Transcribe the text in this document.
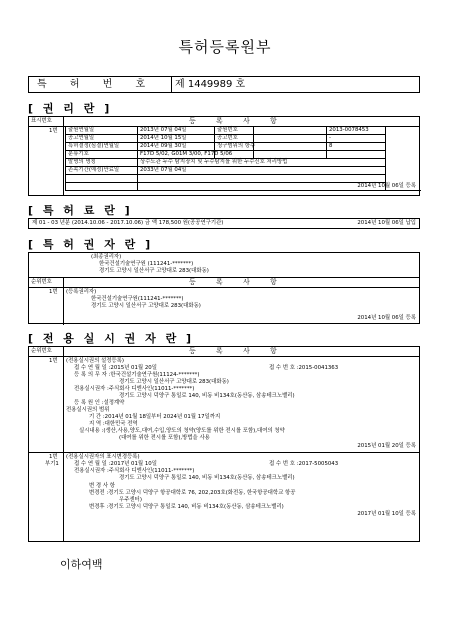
특허등록원부
특 허 번 호	제 1449989 호
[ 권 리 란 ]
표시번호	등 록 사 항
1번 출원연월일	2013년 07월 04일	출원번호	2013-0078453
공고연월일	2014년 10월 15일	공고번호	-
특허결정(심결)연월일	2014년 09월 30일	청구범위의 항수	8
분류기호	F17D 5/02, G01M 3/00, F17D 5/06
발명의 명칭	상수도관 누수 탐지장치 및 누수탐지를 위한 누수신호 처리방법
존속기간(예정)만료일	2033년 07월 04일
2014년 10월 06일 등록
[ 특 허 료 란 ]
제 01 - 03 년분 (2014.10.06 - 2017.10.06) 금 액 178,500 원(공공연구기관)	2014년 10월 06일 납입
[ 특 허 권 자 란 ]
(최종권리자)
한국건설기술연구원 (111241-*******)
경기도 고양시 일산서구 고양대로 283(대화동)
순위번호	등 록 사 항
1번 (등록권리자)
한국건설기술연구원(111241-*******)
경기도 고양시 일산서구 고양대로 283(대화동)
2014년 10월 06일 등록
[ 전 용 실 시 권 자 란 ]
순위번호	등 록 사 항
1번 (전용실시권의 설정등록)
접 수 연 월 일 :2015년 01월 20일	접 수 번 호 :2015-0041363
등 록 의 무 자 :한국건설기술연구원(11124-*******)
경기도 고양시 일산서구 고양대로 283(대화동)
전용실시권자 :주식회사 디엔사인(11011-*******)
경기도 고양시 덕양구 통일로 140, 비동 비134호(동산동, 삼송테크노밸리)
등 록 원 인 :설정계약
전용실시권의 범위
기 간 :2014년 01월 18일부터 2024년 01월 17일까지
지 역 :대한민국 전역
실시내용 :(생산,사용,양도,대여,수입,양도의 청약(양도를 위한 전시를 포함),대여의 청약
(대여를 위한 전시를 포함),방법을 사용
2015년 01월 20일 등록
1번 (전용실시권자의 표시변경등록)
부기1	접 수 연 월 일 :2017년 01월 10일	접 수 번 호 :2017-5005043
전용실시권자 :주식회사 디엔사인(11011-*******)
경기도 고양시 덕양구 통일로 140, 비동 비134호(동산동, 삼송테크노밸리)
변 경 사 항
변경전 :경기도 고양시 덕양구 항공대학로 76, 202,203호(화전동, 한국항공대학교 항공
우주센터)
변경후 :경기도 고양시 덕양구 통일로 140, 비동 비134호(동산동, 삼송테크노밸리)
2017년 01월 10일 등록
이하여백
